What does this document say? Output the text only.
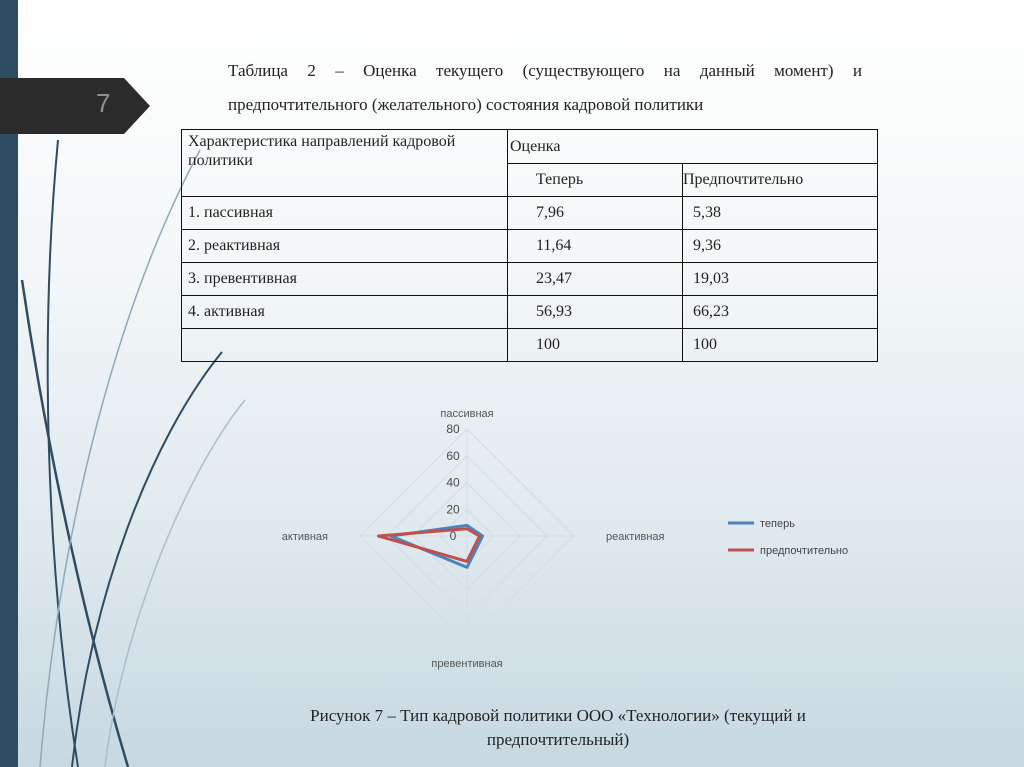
7
Таблица 2 – Оценка текущего (существующего на данный момент) и предпочтительного (желательного) состояния кадровой политики
Характеристика направлений кадровой политики	Оценка	
	Теперь	Предпочтительно
1. пассивная	7,96	5,38
2. реактивная	11,64	9,36
3. превентивная	23,47	19,03
4. активная	56,93	66,23
	100	100
0
20
40
60
80
пассивная
реактивная
превентивная
активная
теперь
предпочтительно
Рисунок 7 – Тип кадровой политики ООО «Технологии» (текущий и предпочтительный)
